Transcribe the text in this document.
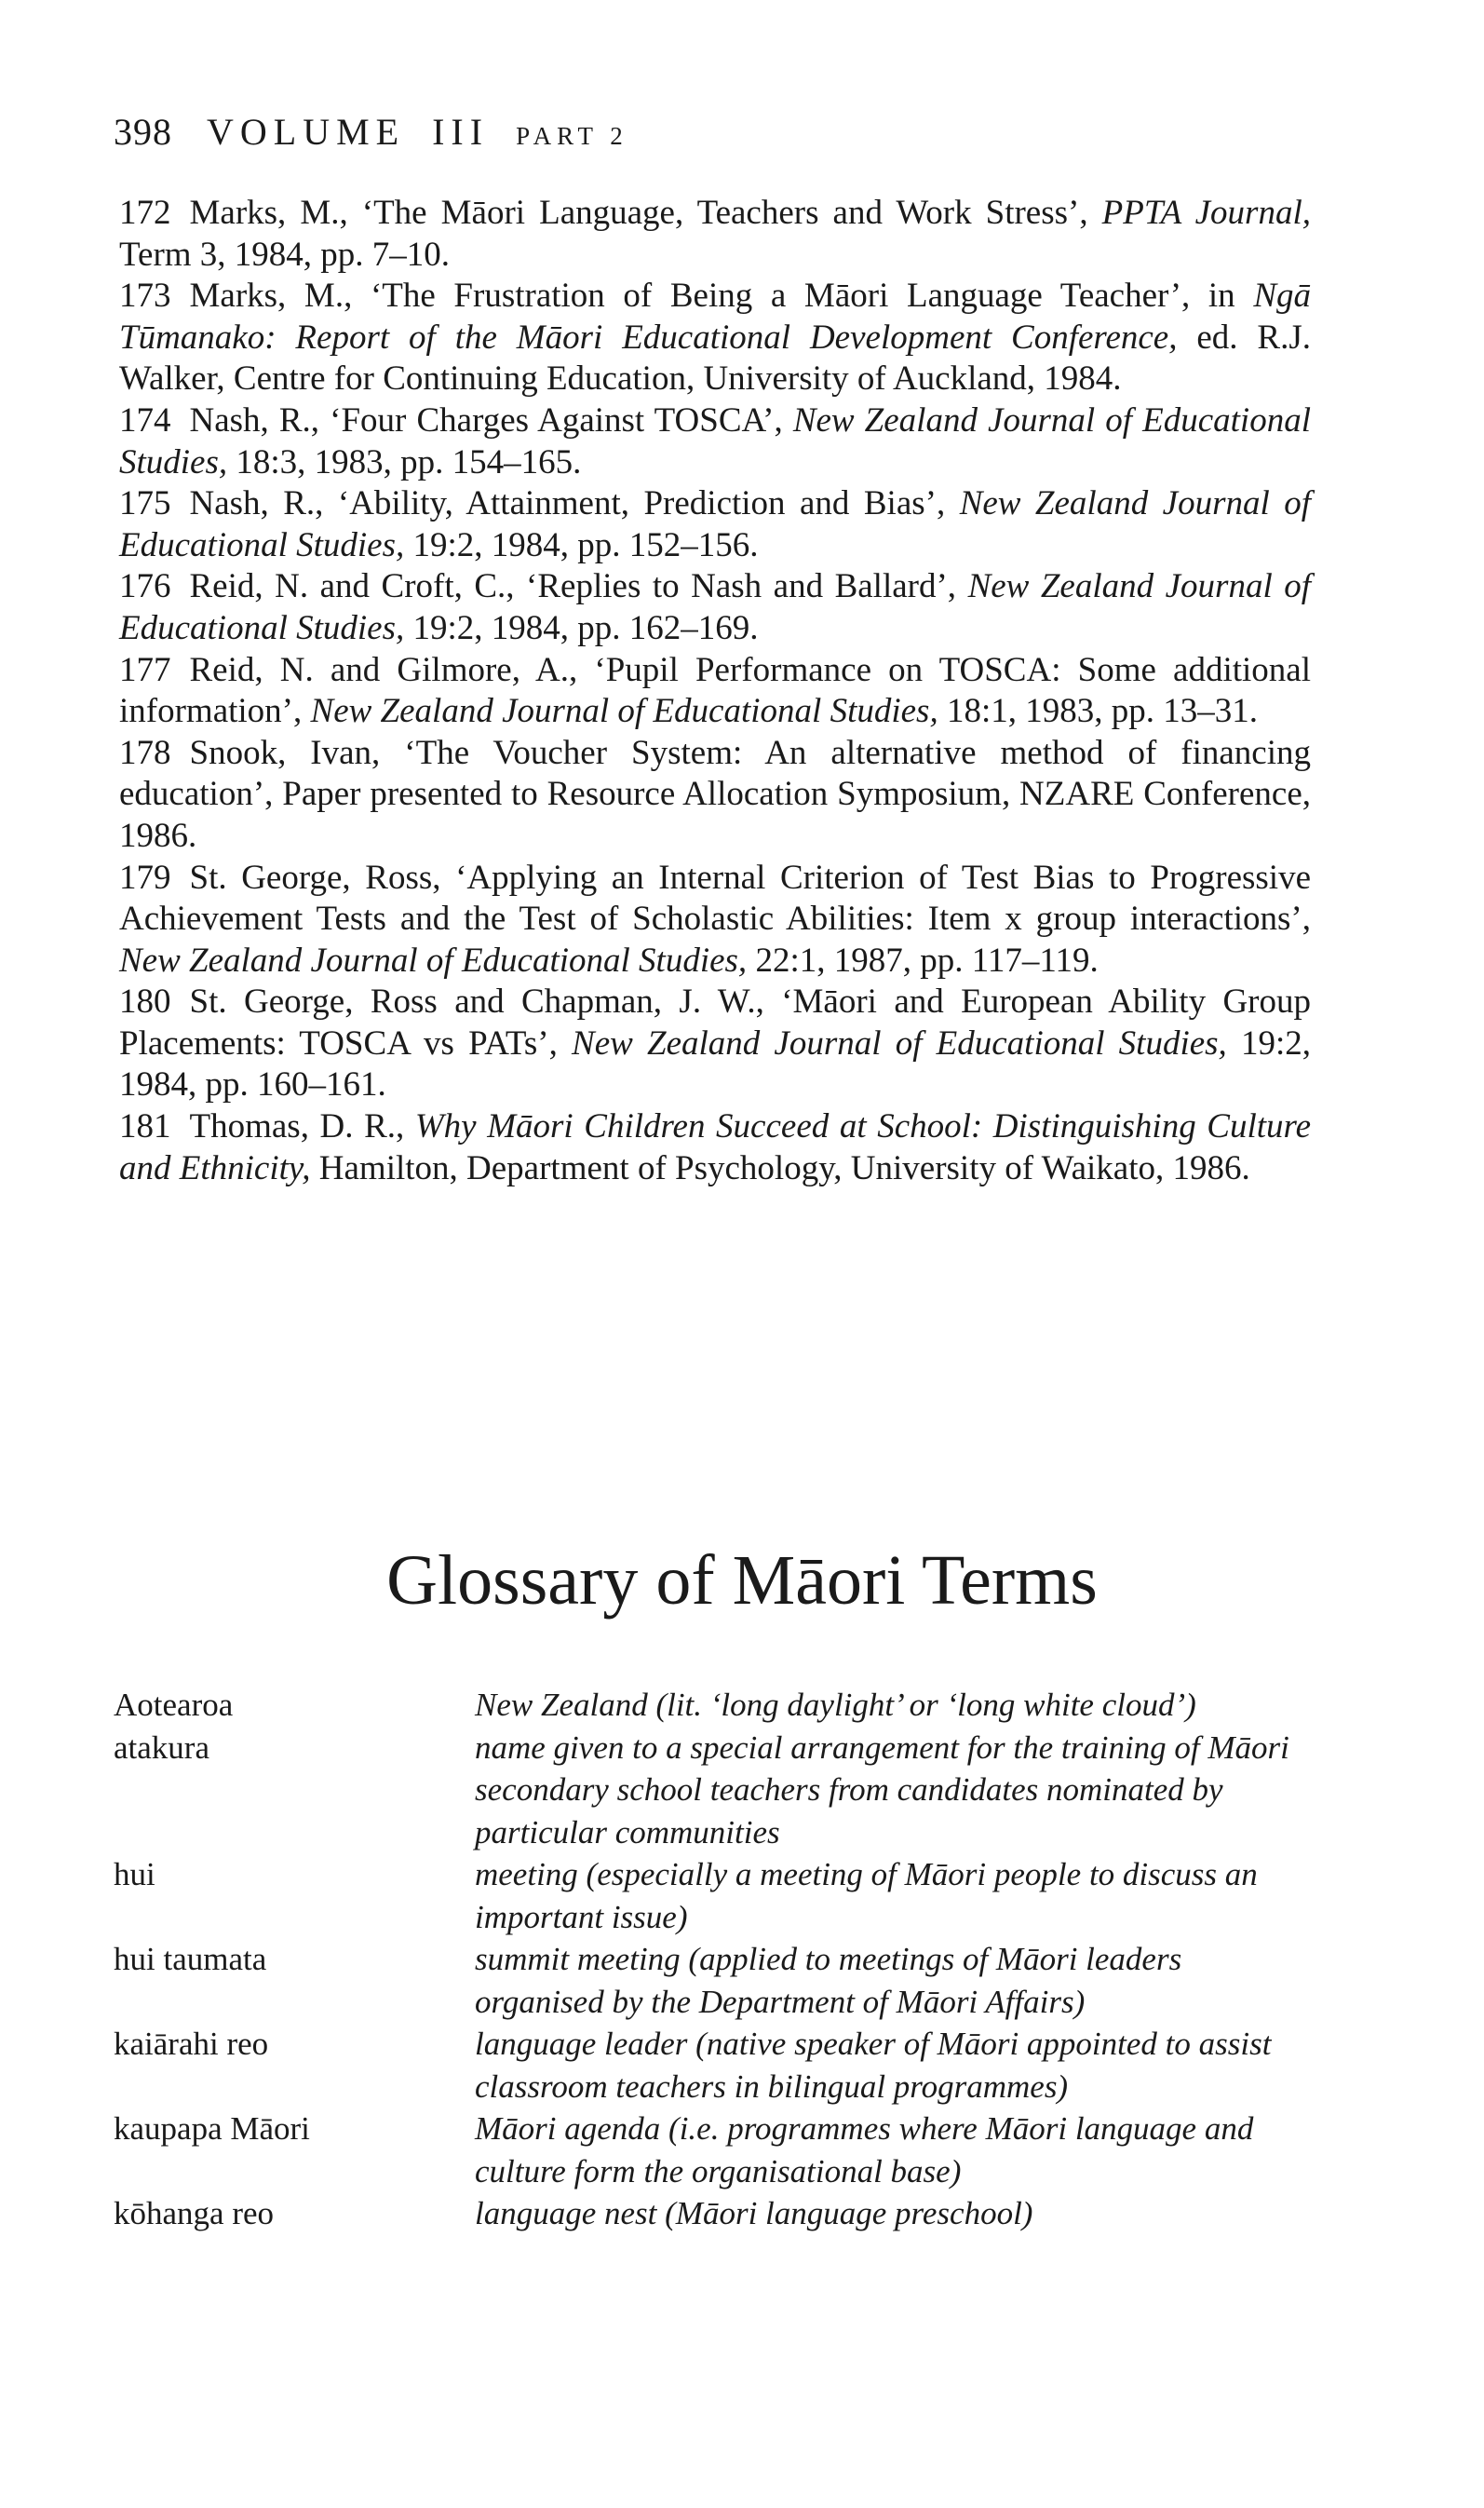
398 VOLUME III PART 2

172 Marks, M., ‘The Māori Language, Teachers and Work Stress’, PPTA Journal, Term 3, 1984, pp. 7–10.

173 Marks, M., ‘The Frustration of Being a Māori Language Teacher’, in Ngā Tūmanako: Report of the Māori Educational Development Conference, ed. R.J. Walker, Centre for Continuing Education, University of Auckland, 1984.

174 Nash, R., ‘Four Charges Against TOSCA’, New Zealand Journal of Educational Studies, 18:3, 1983, pp. 154–165.

175 Nash, R., ‘Ability, Attainment, Prediction and Bias’, New Zealand Journal of Educational Studies, 19:2, 1984, pp. 152–156.

176 Reid, N. and Croft, C., ‘Replies to Nash and Ballard’, New Zealand Journal of Educational Studies, 19:2, 1984, pp. 162–169.

177 Reid, N. and Gilmore, A., ‘Pupil Performance on TOSCA: Some additional information’, New Zealand Journal of Educational Studies, 18:1, 1983, pp. 13–31.

178 Snook, Ivan, ‘The Voucher System: An alternative method of financing education’, Paper presented to Resource Allocation Symposium, NZARE Conference, 1986.

179 St. George, Ross, ‘Applying an Internal Criterion of Test Bias to Progressive Achievement Tests and the Test of Scholastic Abilities: Item x group interactions’, New Zealand Journal of Educational Studies, 22:1, 1987, pp. 117–119.

180 St. George, Ross and Chapman, J. W., ‘Māori and European Ability Group Placements: TOSCA vs PATs’, New Zealand Journal of Educational Studies, 19:2, 1984, pp. 160–161.

181 Thomas, D. R., Why Māori Children Succeed at School: Distinguishing Culture and Ethnicity, Hamilton, Department of Psychology, University of Waikato, 1986.

Glossary of Māori Terms
Aotearoa	New Zealand (lit. ‘long daylight’ or ‘long white cloud’)
atakura	name given to a special arrangement for the training of Māori secondary school teachers from candidates nominated by particular communities
hui	meeting (especially a meeting of Māori people to discuss an important issue)
hui taumata	summit meeting (applied to meetings of Māori leaders organised by the Department of Māori Affairs)
kaiārahi reo	language leader (native speaker of Māori appointed to assist classroom teachers in bilingual programmes)
kaupapa Māori	Māori agenda (i.e. programmes where Māori language and culture form the organisational base)
kōhanga reo	language nest (Māori language preschool)
